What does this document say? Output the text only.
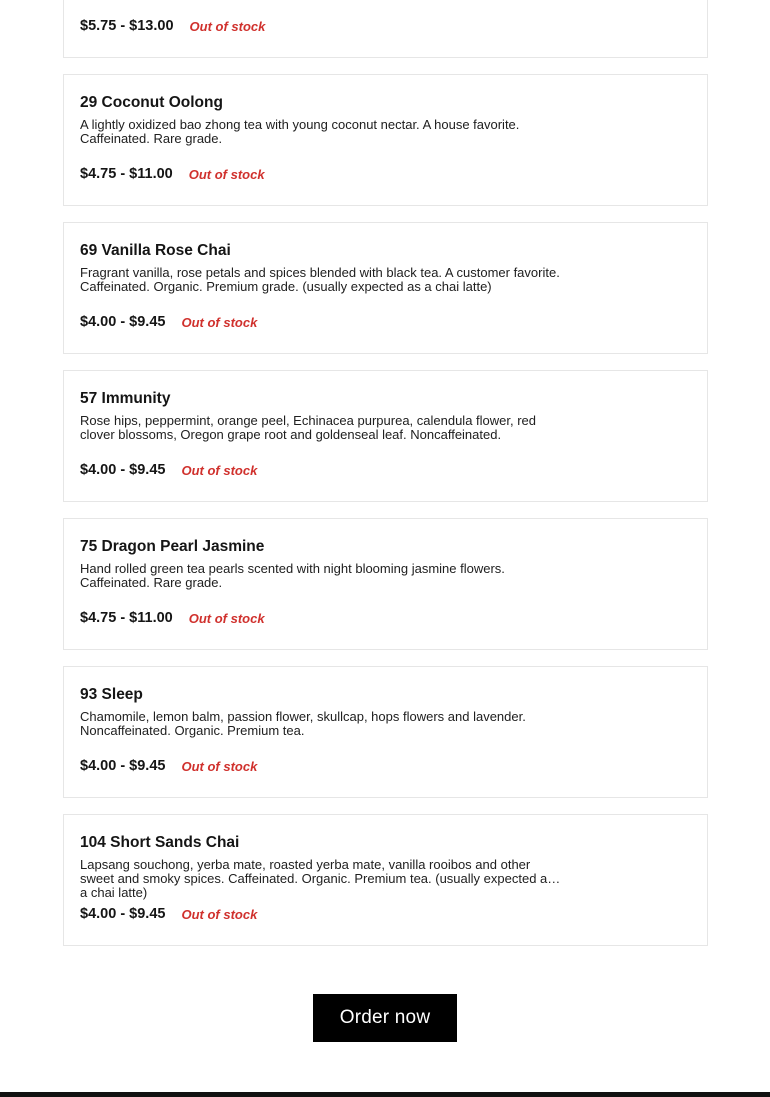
$5.75 - $13.00 Out of stock
29 Coconut Oolong
A lightly oxidized bao zhong tea with young coconut nectar. A house favorite. Caffeinated. Rare grade.
$4.75 - $11.00 Out of stock
69 Vanilla Rose Chai
Fragrant vanilla, rose petals and spices blended with black tea. A customer favorite. Caffeinated. Organic. Premium grade. (usually expected as a chai latte)
$4.00 - $9.45 Out of stock
57 Immunity
Rose hips, peppermint, orange peel, Echinacea purpurea, calendula flower, red clover blossoms, Oregon grape root and goldenseal leaf. Noncaffeinated.
$4.00 - $9.45 Out of stock
75 Dragon Pearl Jasmine
Hand rolled green tea pearls scented with night blooming jasmine flowers. Caffeinated. Rare grade.
$4.75 - $11.00 Out of stock
93 Sleep
Chamomile, lemon balm, passion flower, skullcap, hops flowers and lavender. Noncaffeinated. Organic. Premium tea.
$4.00 - $9.45 Out of stock
104 Short Sands Chai
Lapsang souchong, yerba mate, roasted yerba mate, vanilla rooibos and other sweet and smoky spices. Caffeinated. Organic. Premium tea. (usually expected as a chai latte)
$4.00 - $9.45 Out of stock
Order now
